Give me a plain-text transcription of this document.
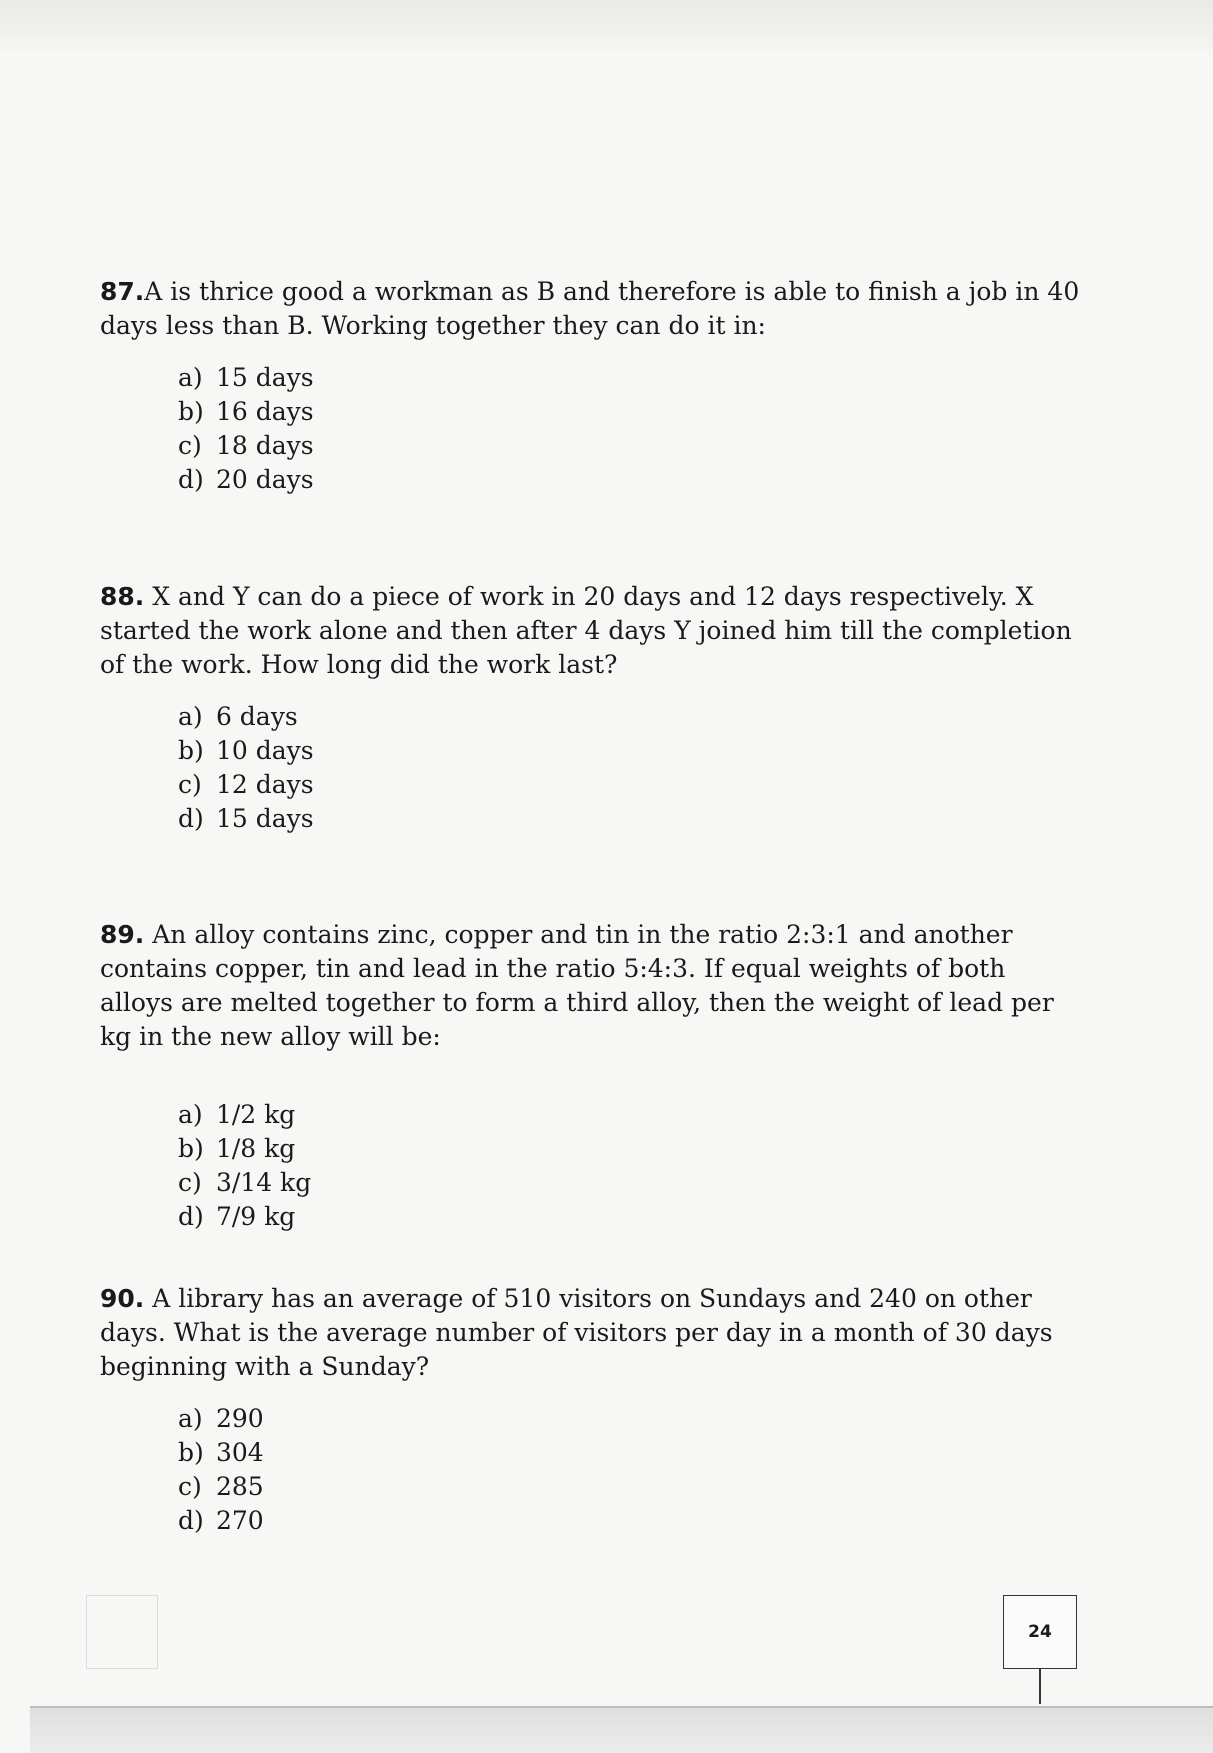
87.A is thrice good a workman as B and therefore is able to finish a job in 40 days less than B. Working together they can do it in:
a) 15 days
b) 16 days
c) 18 days
d) 20 days
88. X and Y can do a piece of work in 20 days and 12 days respectively. X started the work alone and then after 4 days Y joined him till the completion of the work. How long did the work last?
a) 6 days
b) 10 days
c) 12 days
d) 15 days
89. An alloy contains zinc, copper and tin in the ratio 2:3:1 and another contains copper, tin and lead in the ratio 5:4:3. If equal weights of both alloys are melted together to form a third alloy, then the weight of lead per kg in the new alloy will be:
a) 1/2 kg
b) 1/8 kg
c) 3/14 kg
d) 7/9 kg
90. A library has an average of 510 visitors on Sundays and 240 on other days. What is the average number of visitors per day in a month of 30 days beginning with a Sunday?
a) 290
b) 304
c) 285
d) 270
24
